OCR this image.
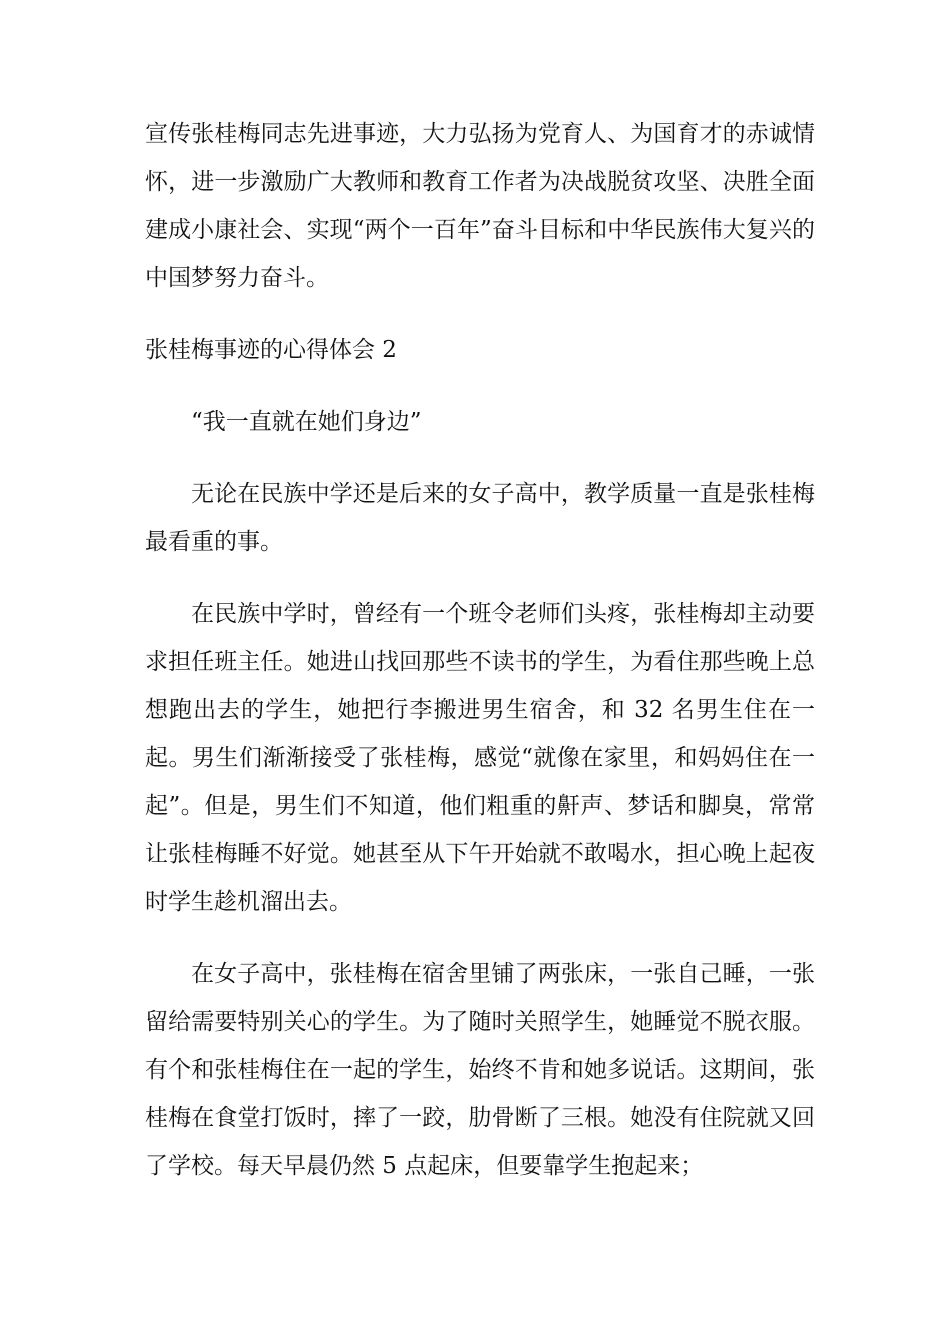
宣传张桂梅同志先进事迹，大力弘扬为党育人、为国育才的赤诚情怀，进一步激励广大教师和教育工作者为决战脱贫攻坚、决胜全面建成小康社会、实现“两个一百年”奋斗目标和中华民族伟大复兴的中国梦努力奋斗。

张桂梅事迹的心得体会 2

“我一直就在她们身边”

无论在民族中学还是后来的女子高中，教学质量一直是张桂梅最看重的事。

在民族中学时，曾经有一个班令老师们头疼，张桂梅却主动要求担任班主任。她进山找回那些不读书的学生，为看住那些晚上总想跑出去的学生，她把行李搬进男生宿舍，和 32 名男生住在一起。男生们渐渐接受了张桂梅，感觉“就像在家里，和妈妈住在一起”。但是，男生们不知道，他们粗重的鼾声、梦话和脚臭，常常让张桂梅睡不好觉。她甚至从下午开始就不敢喝水，担心晚上起夜时学生趁机溜出去。

在女子高中，张桂梅在宿舍里铺了两张床，一张自己睡，一张留给需要特别关心的学生。为了随时关照学生，她睡觉不脱衣服。有个和张桂梅住在一起的学生，始终不肯和她多说话。这期间，张桂梅在食堂打饭时，摔了一跤，肋骨断了三根。她没有住院就又回了学校。每天早晨仍然 5 点起床，但要靠学生抱起来；
